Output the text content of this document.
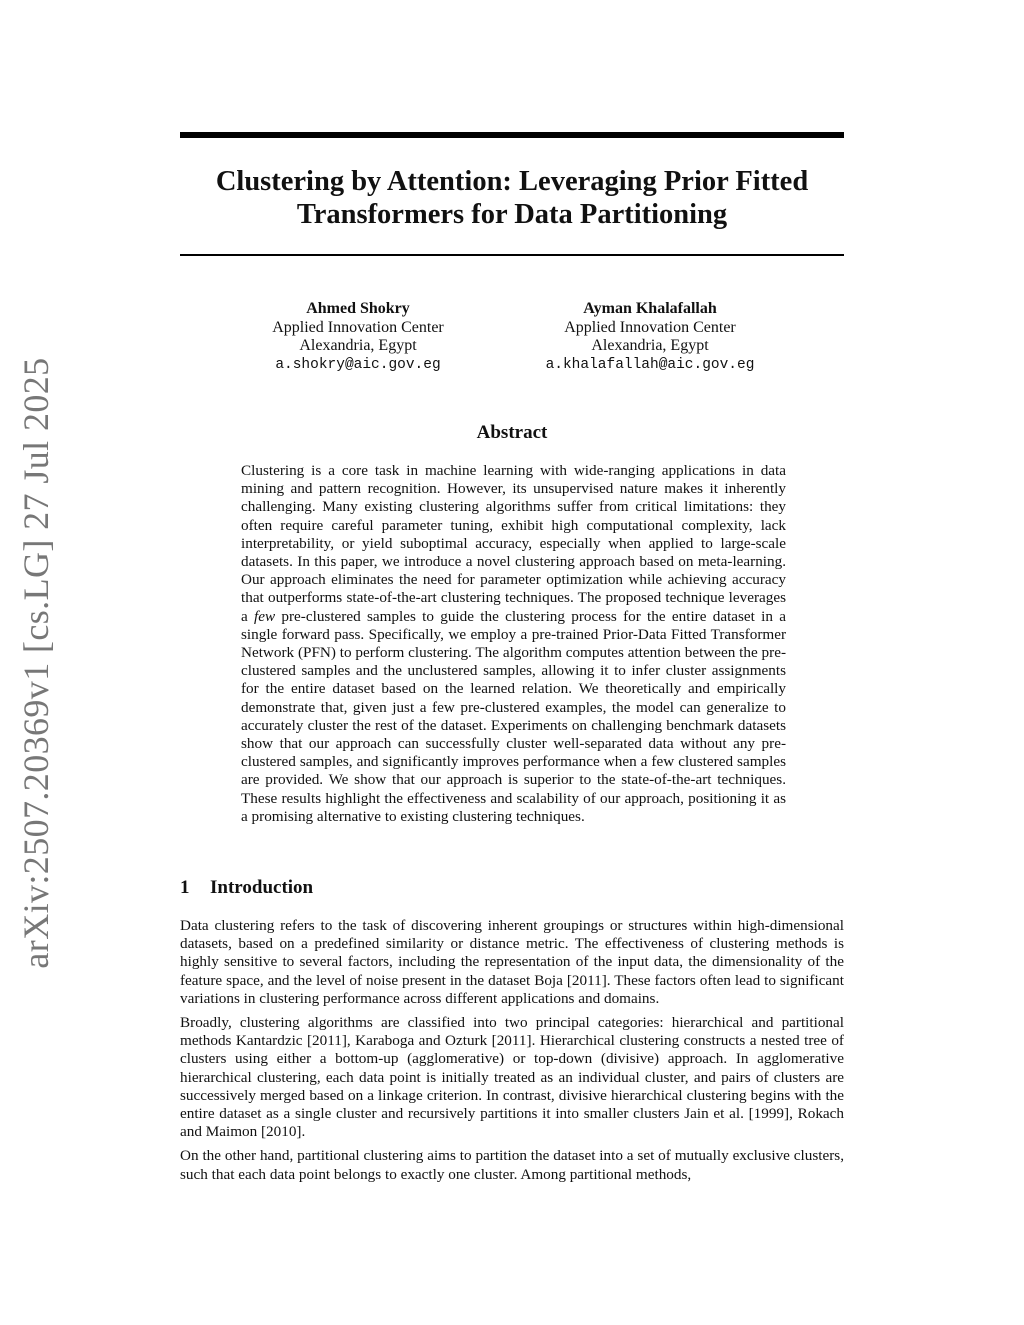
arXiv:2507.20369v1 [cs.LG] 27 Jul 2025
Clustering by Attention: Leveraging Prior Fitted
Transformers for Data Partitioning
Ahmed Shokry
Applied Innovation Center
Alexandria, Egypt
a.shokry@aic.gov.eg
Ayman Khalafallah
Applied Innovation Center
Alexandria, Egypt
a.khalafallah@aic.gov.eg
Abstract

Clustering is a core task in machine learning with wide-ranging applications in data mining and pattern recognition. However, its unsupervised nature makes it inherently challenging. Many existing clustering algorithms suffer from critical limitations: they often require careful parameter tuning, exhibit high computational complexity, lack interpretability, or yield suboptimal accuracy, especially when applied to large-scale datasets. In this paper, we introduce a novel clustering approach based on meta-learning. Our approach eliminates the need for parameter optimization while achieving accuracy that outperforms state-of-the-art clustering techniques. The proposed technique leverages a few pre-clustered samples to guide the clustering process for the entire dataset in a single forward pass. Specifically, we employ a pre-trained Prior-Data Fitted Transformer Network (PFN) to perform clustering. The algorithm computes attention between the pre-clustered samples and the unclustered samples, allowing it to infer cluster assignments for the entire dataset based on the learned relation. We theoretically and empirically demonstrate that, given just a few pre-clustered examples, the model can generalize to accurately cluster the rest of the dataset. Experiments on challenging benchmark datasets show that our approach can successfully cluster well-separated data without any pre-clustered samples, and significantly improves performance when a few clustered samples are provided. We show that our approach is superior to the state-of-the-art techniques. These results highlight the effectiveness and scalability of our approach, positioning it as a promising alternative to existing clustering techniques.

1 Introduction

Data clustering refers to the task of discovering inherent groupings or structures within high-dimensional datasets, based on a predefined similarity or distance metric. The effectiveness of clustering methods is highly sensitive to several factors, including the representation of the input data, the dimensionality of the feature space, and the level of noise present in the dataset Boja [2011]. These factors often lead to significant variations in clustering performance across different applications and domains.

Broadly, clustering algorithms are classified into two principal categories: hierarchical and partitional methods Kantardzic [2011], Karaboga and Ozturk [2011]. Hierarchical clustering constructs a nested tree of clusters using either a bottom-up (agglomerative) or top-down (divisive) approach. In agglomerative hierarchical clustering, each data point is initially treated as an individual cluster, and pairs of clusters are successively merged based on a linkage criterion. In contrast, divisive hierarchical clustering begins with the entire dataset as a single cluster and recursively partitions it into smaller clusters Jain et al. [1999], Rokach and Maimon [2010].

On the other hand, partitional clustering aims to partition the dataset into a set of mutually exclusive clusters, such that each data point belongs to exactly one cluster. Among partitional methods,
